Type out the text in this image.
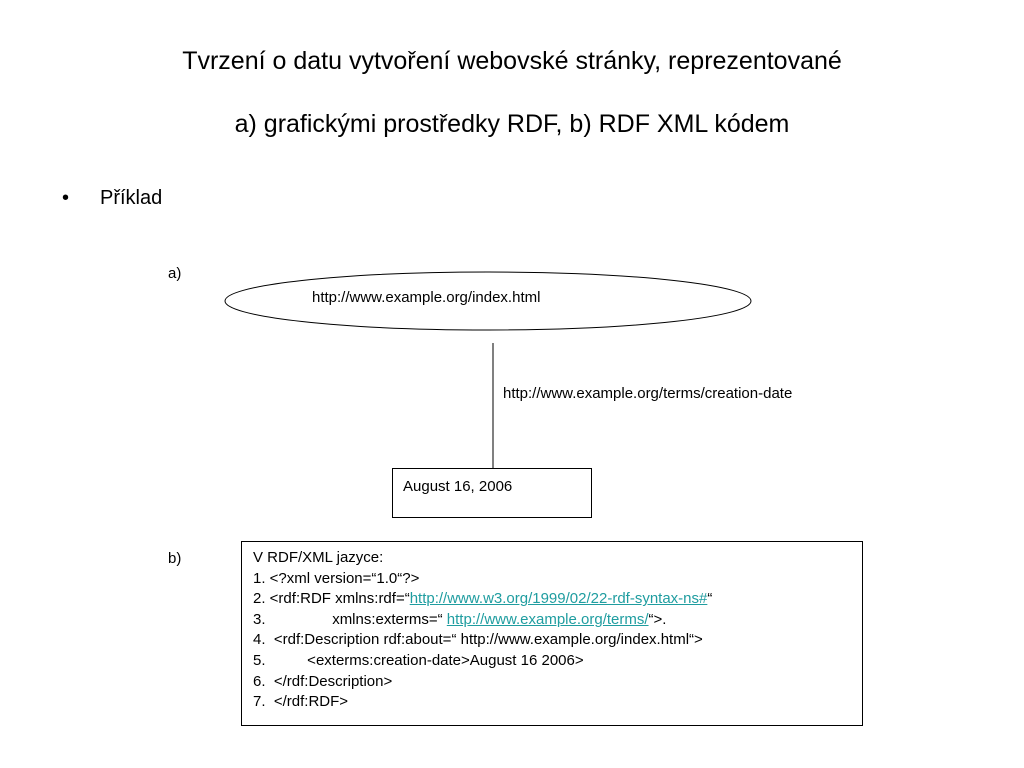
Tvrzení o datu vytvoření webovské stránky, reprezentované
a) grafickými prostředky RDF, b) RDF XML kódem
• Příklad
a)
http://www.example.org/index.html
http://www.example.org/terms/creation-date
August 16, 2006
b)	V RDF/XML jazyce:
1. <?xml version=“1.0“?>
2. <rdf:RDF xmlns:rdf=“http://www.w3.org/1999/02/22-rdf-syntax-ns#“
3.                xmlns:exterms=“ http://www.example.org/terms/“>.
4.  <rdf:Description rdf:about=“ http://www.example.org/index.html“>
5.          <exterms:creation-date>August 16 2006>
6.  </rdf:Description>
7.  </rdf:RDF>
